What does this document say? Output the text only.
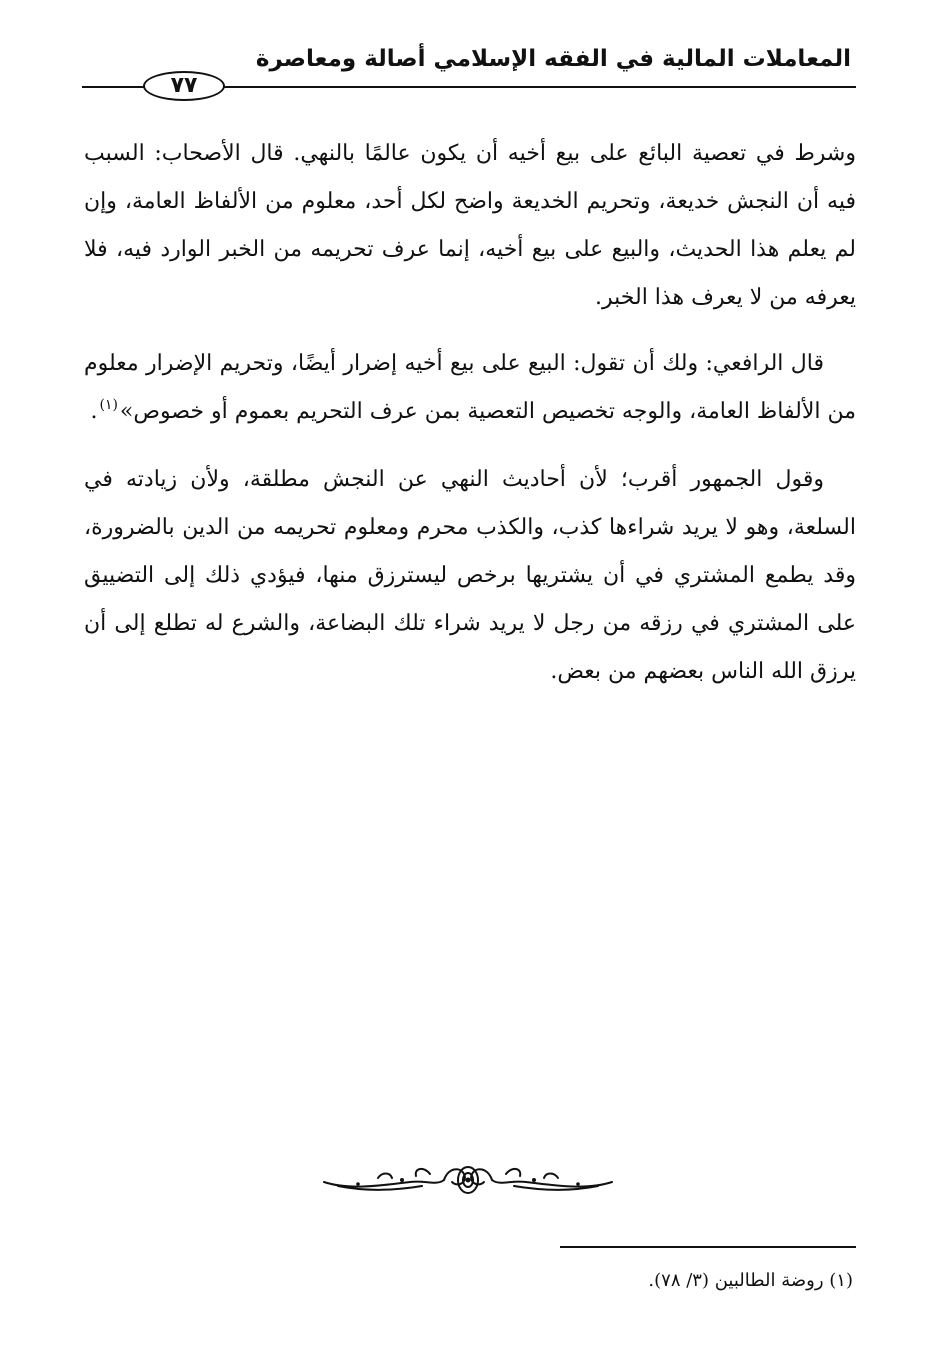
المعاملات المالية في الفقه الإسلامي أصالة ومعاصرة
٧٧

وشرط في تعصية البائع على بيع أخيه أن يكون عالمًا بالنهي. قال الأصحاب: السبب فيه أن النجش خديعة، وتحريم الخديعة واضح لكل أحد، معلوم من الألفاظ العامة، وإن لم يعلم هذا الحديث، والبيع على بيع أخيه، إنما عرف تحريمه من الخبر الوارد فيه، فلا يعرفه من لا يعرف هذا الخبر.

قال الرافعي: ولك أن تقول: البيع على بيع أخيه إضرار أيضًا، وتحريم الإضرار معلوم من الألفاظ العامة، والوجه تخصيص التعصية بمن عرف التحريم بعموم أو خصوص»$^{(١)}$.

وقول الجمهور أقرب؛ لأن أحاديث النهي عن النجش مطلقة، ولأن زيادته في السلعة، وهو لا يريد شراءها كذب، والكذب محرم ومعلوم تحريمه من الدين بالضرورة، وقد يطمع المشتري في أن يشتريها برخص ليسترزق منها، فيؤدي ذلك إلى التضييق على المشتري في رزقه من رجل لا يريد شراء تلك البضاعة، والشرع له تطلع إلى أن يرزق الله الناس بعضهم من بعض.

(١) روضة الطالبين (٣/ ٧٨).
